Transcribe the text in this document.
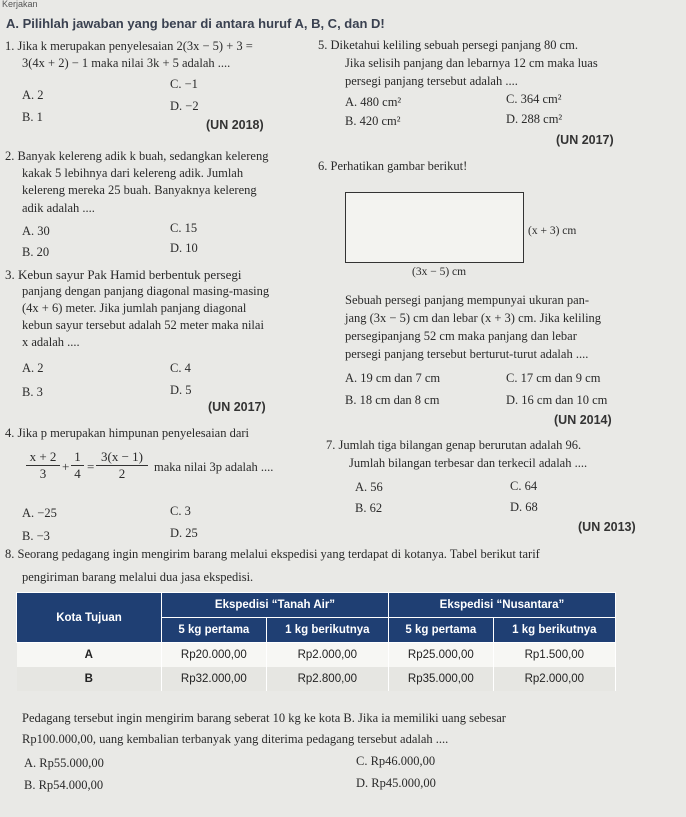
Kerjakan
A. Pilihlah jawaban yang benar di antara huruf A, B, C, dan D!
1. Jika k merupakan penyelesaian 2(3x − 5) + 3 =
3(4x + 2) − 1 maka nilai 3k + 5 adalah ....
A. 2
B. 1
C. −1
D. −2
(UN 2018)
2. Banyak kelereng adik k buah, sedangkan kelereng
kakak 5 lebihnya dari kelereng adik. Jumlah
kelereng mereka 25 buah. Banyaknya kelereng
adik adalah ....
A. 30
B. 20
C. 15
D. 10
3. Kebun sayur Pak Hamid berbentuk persegi
panjang dengan panjang diagonal masing-masing
(4x + 6) meter. Jika jumlah panjang diagonal
kebun sayur tersebut adalah 52 meter maka nilai
x adalah ....
A. 2
B. 3
C. 4
D. 5
(UN 2017)
4. Jika p merupakan himpunan penyelesaian dari
$\frac{x + 2}{3} + \frac{1}{4} = \frac{3(x - 1)}{2}$ maka nilai 3p adalah ....
A. −25
B. −3
C. 3
D. 25
5. Diketahui keliling sebuah persegi panjang 80 cm.
Jika selisih panjang dan lebarnya 12 cm maka luas
persegi panjang tersebut adalah ....
A. 480 cm²
B. 420 cm²
C. 364 cm²
D. 288 cm²
(UN 2017)
6. Perhatikan gambar berikut!
(x + 3) cm
(3x − 5) cm
Sebuah persegi panjang mempunyai ukuran pan-
jang (3x − 5) cm dan lebar (x + 3) cm. Jika keliling
persegipanjang 52 cm maka panjang dan lebar
persegi panjang tersebut berturut-turut adalah ....
A. 19 cm dan 7 cm
B. 18 cm dan 8 cm
C. 17 cm dan 9 cm
D. 16 cm dan 10 cm
(UN 2014)
7. Jumlah tiga bilangan genap berurutan adalah 96.
Jumlah bilangan terbesar dan terkecil adalah ....
A. 56
B. 62
C. 64
D. 68
(UN 2013)
8. Seorang pedagang ingin mengirim barang melalui ekspedisi yang terdapat di kotanya. Tabel berikut tarif
pengiriman barang melalui dua jasa ekspedisi.
Kota Tujuan	Ekspedisi “Tanah Air”		Ekspedisi “Nusantara”	
	5 kg pertama	1 kg berikutnya	5 kg pertama	1 kg berikutnya
A	Rp20.000,00	Rp2.000,00	Rp25.000,00	Rp1.500,00
B	Rp32.000,00	Rp2.800,00	Rp35.000,00	Rp2.000,00
Pedagang tersebut ingin mengirim barang seberat 10 kg ke kota B. Jika ia memiliki uang sebesar
Rp100.000,00, uang kembalian terbanyak yang diterima pedagang tersebut adalah ....
A. Rp55.000,00
B. Rp54.000,00
C. Rp46.000,00
D. Rp45.000,00
